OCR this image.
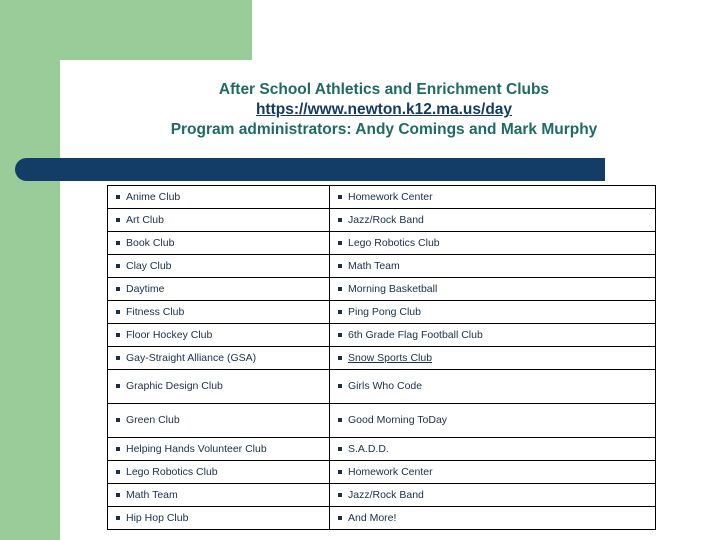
After School Athletics and Enrichment Clubs
https://www.newton.k12.ma.us/day
Program administrators: Andy Comings and Mark Murphy
Anime Club	Homework Center
Art Club	Jazz/Rock Band
Book Club	Lego Robotics Club
Clay Club	Math Team
Daytime	Morning Basketball
Fitness Club	Ping Pong Club
Floor Hockey Club	6th Grade Flag Football Club
Gay-Straight Alliance (GSA)	Snow Sports Club
Graphic Design Club	Girls Who Code
Green Club	Good Morning ToDay
Helping Hands Volunteer Club	S.A.D.D.
Lego Robotics Club	Homework Center
Math Team	Jazz/Rock Band
Hip Hop Club	And More!
